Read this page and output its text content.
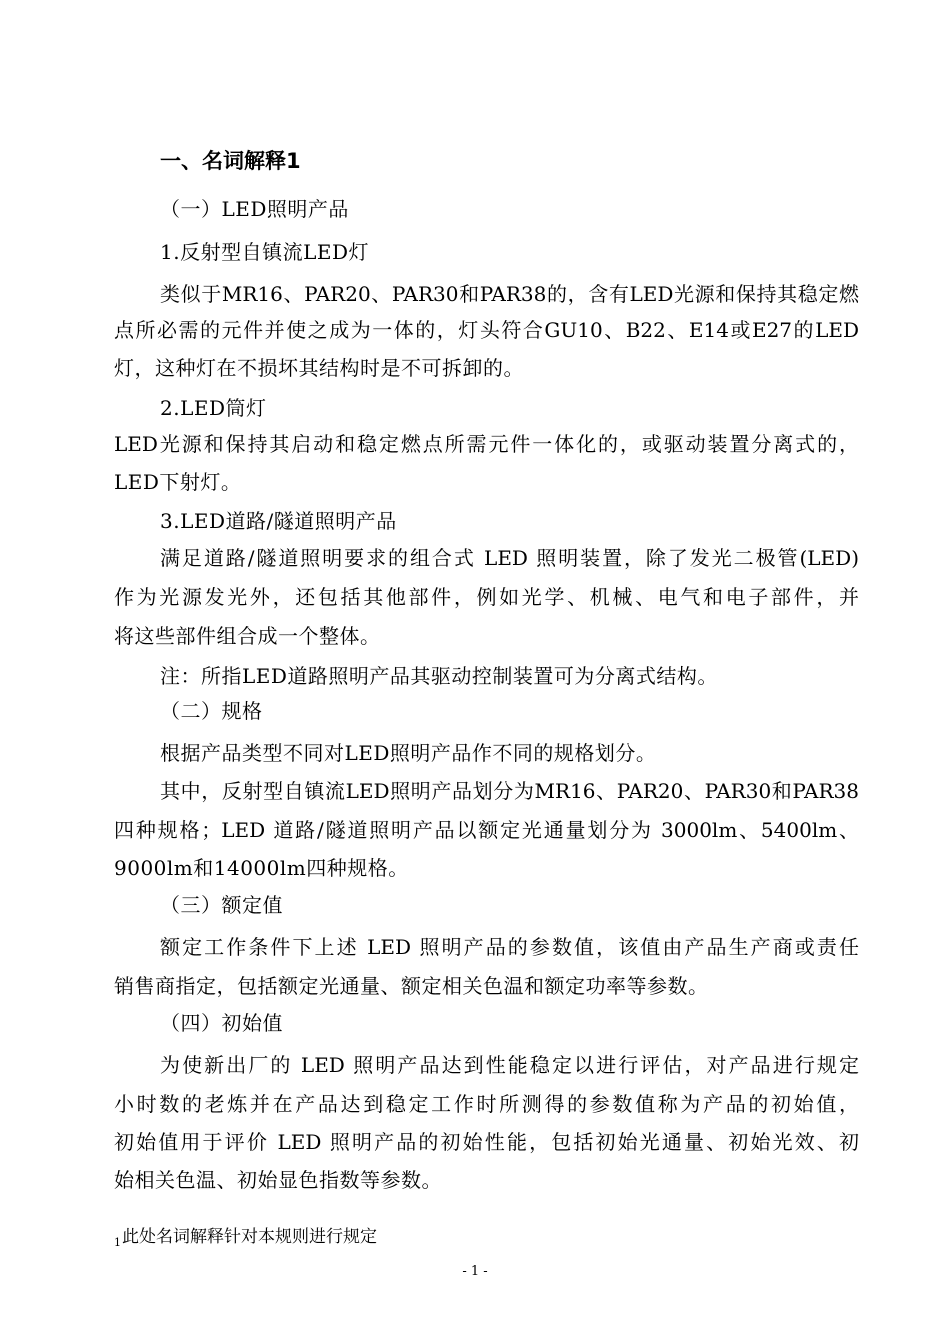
一、名词解释1
（一）LED照明产品
1.反射型自镇流LED灯
类似于MR16、PAR20、PAR30和PAR38的，含有LED光源和保持其稳定燃
点所必需的元件并使之成为一体的，灯头符合GU10、B22、E14或E27的LED
灯，这种灯在不损坏其结构时是不可拆卸的。
2.LED筒灯
LED光源和保持其启动和稳定燃点所需元件一体化的，或驱动装置分离式的，
LED下射灯。
3.LED道路/隧道照明产品
满足道路/隧道照明要求的组合式 LED 照明装置，除了发光二极管(LED)
作为光源发光外，还包括其他部件，例如光学、机械、电气和电子部件，并
将这些部件组合成一个整体。
注：所指LED道路照明产品其驱动控制装置可为分离式结构。
（二）规格
根据产品类型不同对LED照明产品作不同的规格划分。
其中，反射型自镇流LED照明产品划分为MR16、PAR20、PAR30和PAR38
四种规格；LED 道路/隧道照明产品以额定光通量划分为 3000lm、5400lm、
9000lm和14000lm四种规格。
（三）额定值
额定工作条件下上述 LED 照明产品的参数值，该值由产品生产商或责任
销售商指定，包括额定光通量、额定相关色温和额定功率等参数。
（四）初始值
为使新出厂的 LED 照明产品达到性能稳定以进行评估，对产品进行规定
小时数的老炼并在产品达到稳定工作时所测得的参数值称为产品的初始值，
初始值用于评价 LED 照明产品的初始性能，包括初始光通量、初始光效、初
始相关色温、初始显色指数等参数。
$^1$此处名词解释针对本规则进行规定
- 1 -
